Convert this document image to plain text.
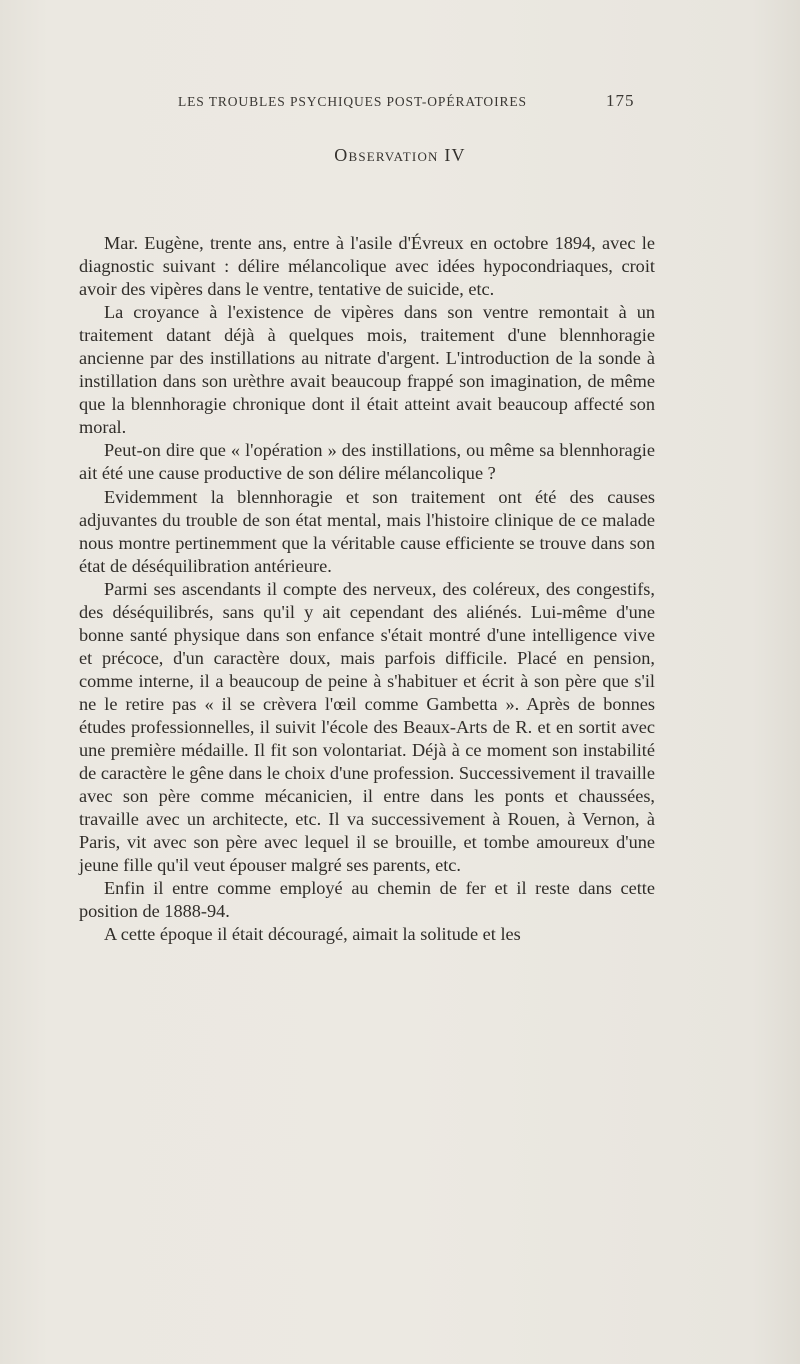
LES TROUBLES PSYCHIQUES POST-OPÉRATOIRES	175
Observation IV

Mar. Eugène, trente ans, entre à l'asile d'Évreux en octobre 1894, avec le diagnostic suivant : délire mélancolique avec idées hypocondriaques, croit avoir des vipères dans le ventre, tentative de suicide, etc.

La croyance à l'existence de vipères dans son ventre remontait à un traitement datant déjà à quelques mois, traitement d'une blennhoragie ancienne par des instillations au nitrate d'argent. L'introduction de la sonde à instillation dans son urèthre avait beaucoup frappé son imagination, de même que la blennhoragie chronique dont il était atteint avait beaucoup affecté son moral.

Peut-on dire que « l'opération » des instillations, ou même sa blennhoragie ait été une cause productive de son délire mélancolique ?

Evidemment la blennhoragie et son traitement ont été des causes adjuvantes du trouble de son état mental, mais l'histoire clinique de ce malade nous montre pertinemment que la véritable cause efficiente se trouve dans son état de déséquilibration antérieure.

Parmi ses ascendants il compte des nerveux, des coléreux, des congestifs, des déséquilibrés, sans qu'il y ait cependant des aliénés. Lui-même d'une bonne santé physique dans son enfance s'était montré d'une intelligence vive et précoce, d'un caractère doux, mais parfois difficile. Placé en pension, comme interne, il a beaucoup de peine à s'habituer et écrit à son père que s'il ne le retire pas « il se crèvera l'œil comme Gambetta ». Après de bonnes études professionnelles, il suivit l'école des Beaux-Arts de R. et en sortit avec une première médaille. Il fit son volontariat. Déjà à ce moment son instabilité de caractère le gêne dans le choix d'une profession. Successivement il travaille avec son père comme mécanicien, il entre dans les ponts et chaussées, travaille avec un architecte, etc. Il va successivement à Rouen, à Vernon, à Paris, vit avec son père avec lequel il se brouille, et tombe amoureux d'une jeune fille qu'il veut épouser malgré ses parents, etc.

Enfin il entre comme employé au chemin de fer et il reste dans cette position de 1888-94.

A cette époque il était découragé, aimait la solitude et les
